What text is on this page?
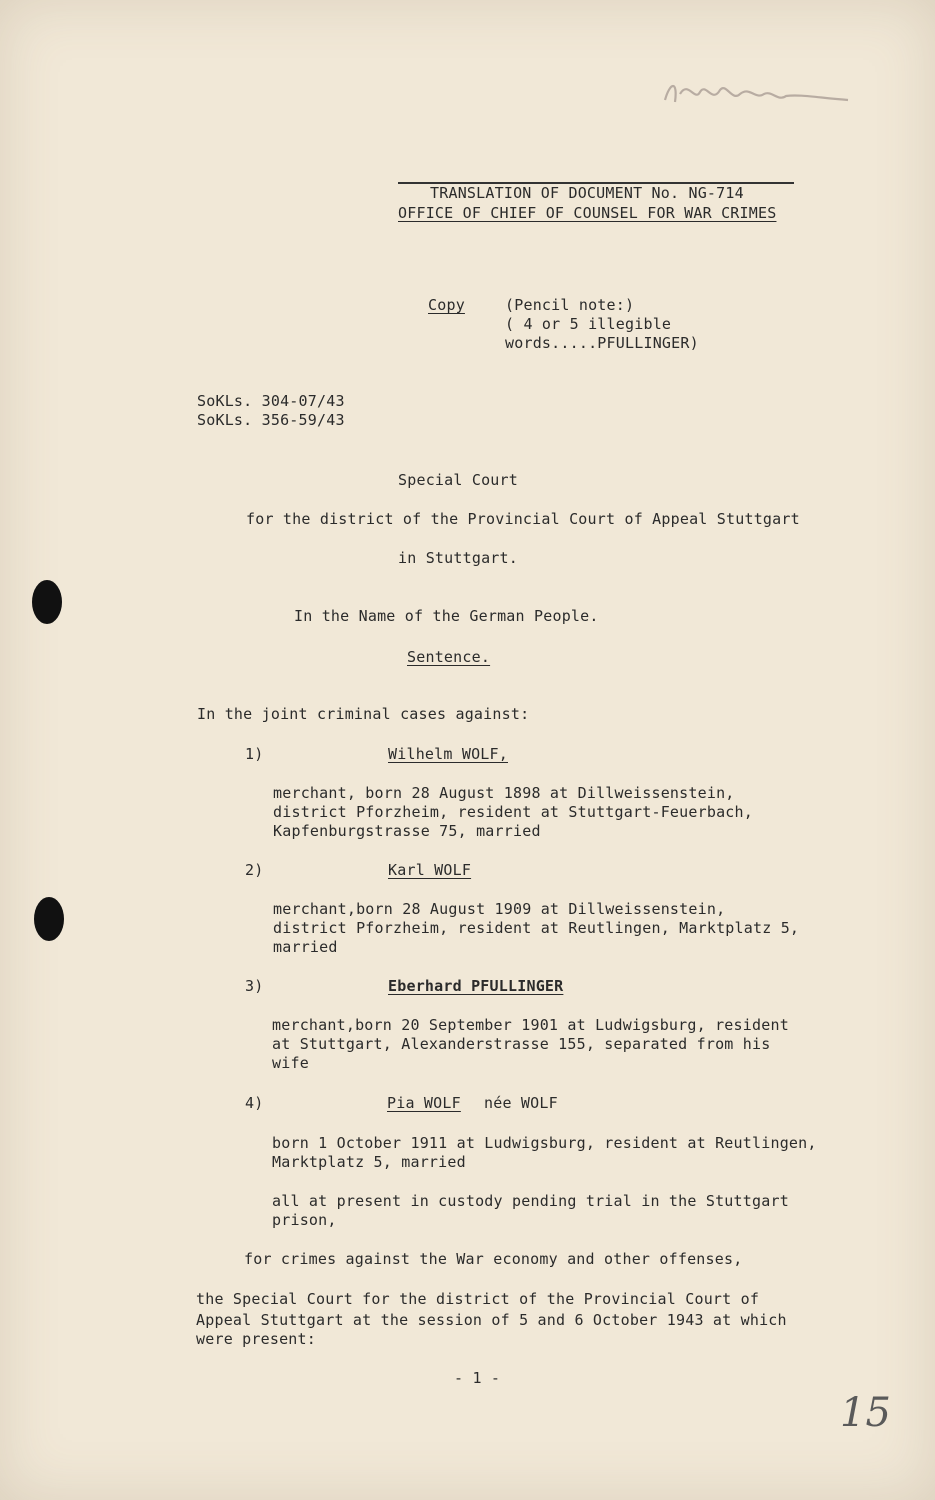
TRANSLATION OF DOCUMENT No. NG-714
OFFICE OF CHIEF OF COUNSEL FOR WAR CRIMES
Copy	(Pencil note:)
( 4 or 5 illegible
words.....PFULLINGER)
SoKLs. 304-07/43
SoKLs. 356-59/43
Special Court
for the district of the Provincial Court of Appeal Stuttgart
in Stuttgart.
In the Name of the German People.
Sentence.
In the joint criminal cases against:
1)	Wilhelm WOLF,
merchant, born 28 August 1898 at Dillweissenstein,
district Pforzheim, resident at Stuttgart-Feuerbach,
Kapfenburgstrasse 75, married
2)	Karl WOLF
merchant,born 28 August 1909 at Dillweissenstein,
district Pforzheim, resident at Reutlingen, Marktplatz 5,
married
3)	Eberhard PFULLINGER
merchant,born 20 September 1901 at Ludwigsburg, resident
at Stuttgart, Alexanderstrasse 155, separated from his
wife
4)	Pia WOLF née WOLF
born 1 October 1911 at Ludwigsburg, resident at Reutlingen,
Marktplatz 5, married
all at present in custody pending trial in the Stuttgart
prison,
for crimes against the War economy and other offenses,
the Special Court for the district of the Provincial Court of
Appeal Stuttgart at the session of 5 and 6 October 1943 at which
were present:
- 1 -
15
